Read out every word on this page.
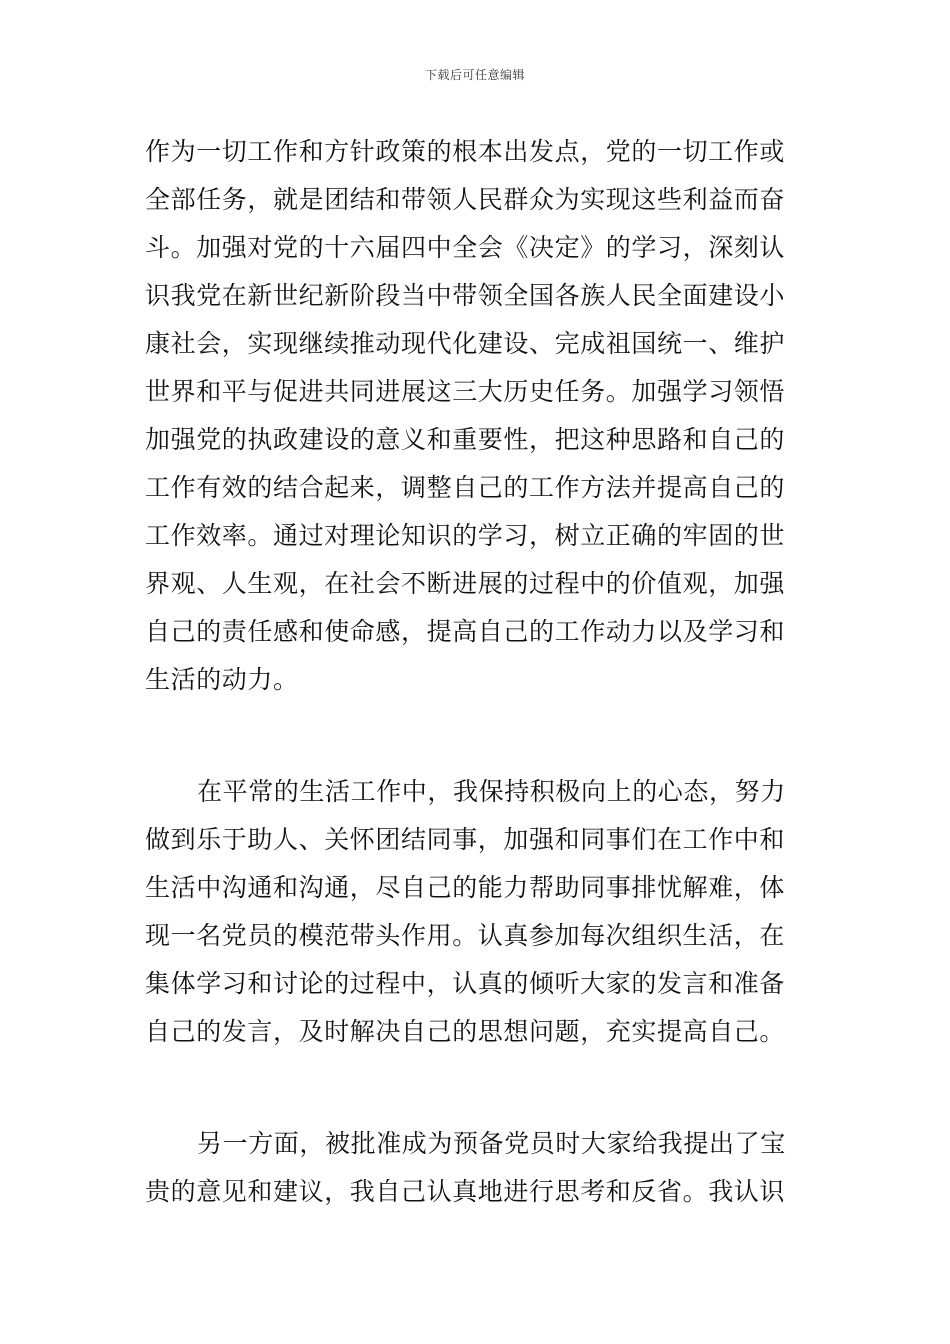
下载后可任意编辑
作为一切工作和方针政策的根本出发点，党的一切工作或
全部任务，就是团结和带领人民群众为实现这些利益而奋
斗。加强对党的十六届四中全会《决定》的学习，深刻认
识我党在新世纪新阶段当中带领全国各族人民全面建设小
康社会，实现继续推动现代化建设、完成祖国统一、维护
世界和平与促进共同进展这三大历史任务。加强学习领悟
加强党的执政建设的意义和重要性，把这种思路和自己的
工作有效的结合起来，调整自己的工作方法并提高自己的
工作效率。通过对理论知识的学习，树立正确的牢固的世
界观、人生观，在社会不断进展的过程中的价值观，加强
自己的责任感和使命感，提高自己的工作动力以及学习和
生活的动力。
在平常的生活工作中，我保持积极向上的心态，努力
做到乐于助人、关怀团结同事，加强和同事们在工作中和
生活中沟通和沟通，尽自己的能力帮助同事排忧解难，体
现一名党员的模范带头作用。认真参加每次组织生活，在
集体学习和讨论的过程中，认真的倾听大家的发言和准备
自己的发言，及时解决自己的思想问题，充实提高自己。
另一方面，被批准成为预备党员时大家给我提出了宝
贵的意见和建议，我自己认真地进行思考和反省。我认识
